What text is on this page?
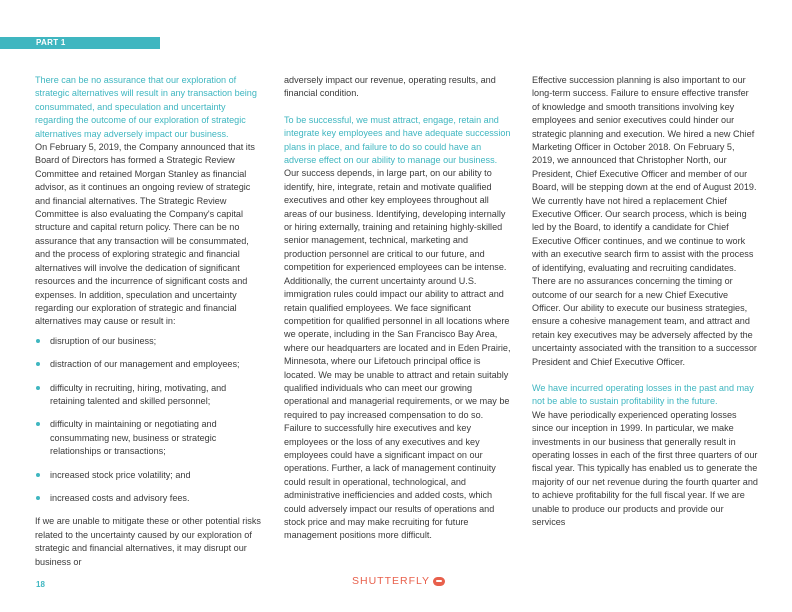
PART 1

There can be no assurance that our exploration of strategic alternatives will result in any transaction being consummated, and speculation and uncertainty regarding the outcome of our exploration of strategic alternatives may adversely impact our business.

On February 5, 2019, the Company announced that its Board of Directors has formed a Strategic Review Committee and retained Morgan Stanley as financial advisor, as it continues an ongoing review of strategic and financial alternatives. The Strategic Review Committee is also evaluating the Company's capital structure and capital return policy. There can be no assurance that any transaction will be consummated, and the process of exploring strategic and financial alternatives will involve the dedication of significant resources and the incurrence of significant costs and expenses. In addition, speculation and uncertainty regarding our exploration of strategic and financial alternatives may cause or result in:

disruption of our business;
distraction of our management and employees;
difficulty in recruiting, hiring, motivating, and retaining talented and skilled personnel;
difficulty in maintaining or negotiating and consummating new, business or strategic relationships or transactions;
increased stock price volatility; and
increased costs and advisory fees.

If we are unable to mitigate these or other potential risks related to the uncertainty caused by our exploration of strategic and financial alternatives, it may disrupt our business or

adversely impact our revenue, operating results, and financial condition.

To be successful, we must attract, engage, retain and integrate key employees and have adequate succession plans in place, and failure to do so could have an adverse effect on our ability to manage our business.

Our success depends, in large part, on our ability to identify, hire, integrate, retain and motivate qualified executives and other key employees throughout all areas of our business. Identifying, developing internally or hiring externally, training and retaining highly-skilled senior management, technical, marketing and production personnel are critical to our future, and competition for experienced employees can be intense. Additionally, the current uncertainty around U.S. immigration rules could impact our ability to attract and retain qualified employees. We face significant competition for qualified personnel in all locations where we operate, including in the San Francisco Bay Area, where our headquarters are located and in Eden Prairie, Minnesota, where our Lifetouch principal office is located. We may be unable to attract and retain suitably qualified individuals who can meet our growing operational and managerial requirements, or we may be required to pay increased compensation to do so. Failure to successfully hire executives and key employees or the loss of any executives and key employees could have a significant impact on our operations. Further, a lack of management continuity could result in operational, technological, and administrative inefficiencies and added costs, which could adversely impact our results of operations and stock price and may make recruiting for future management positions more difficult.

Effective succession planning is also important to our long-term success. Failure to ensure effective transfer of knowledge and smooth transitions involving key employees and senior executives could hinder our strategic planning and execution. We hired a new Chief Marketing Officer in October 2018. On February 5, 2019, we announced that Christopher North, our President, Chief Executive Officer and member of our Board, will be stepping down at the end of August 2019. We currently have not hired a replacement Chief Executive Officer. Our search process, which is being led by the Board, to identify a candidate for Chief Executive Officer continues, and we continue to work with an executive search firm to assist with the process of identifying, evaluating and recruiting candidates. There are no assurances concerning the timing or outcome of our search for a new Chief Executive Officer. Our ability to execute our business strategies, ensure a cohesive management team, and attract and retain key executives may be adversely affected by the uncertainty associated with the transition to a successor President and Chief Executive Officer.

We have incurred operating losses in the past and may not be able to sustain profitability in the future.

We have periodically experienced operating losses since our inception in 1999. In particular, we make investments in our business that generally result in operating losses in each of the first three quarters of our fiscal year. This typically has enabled us to generate the majority of our net revenue during the fourth quarter and to achieve profitability for the full fiscal year. If we are unable to produce our products and provide our services

18	SHUTTERFLY
